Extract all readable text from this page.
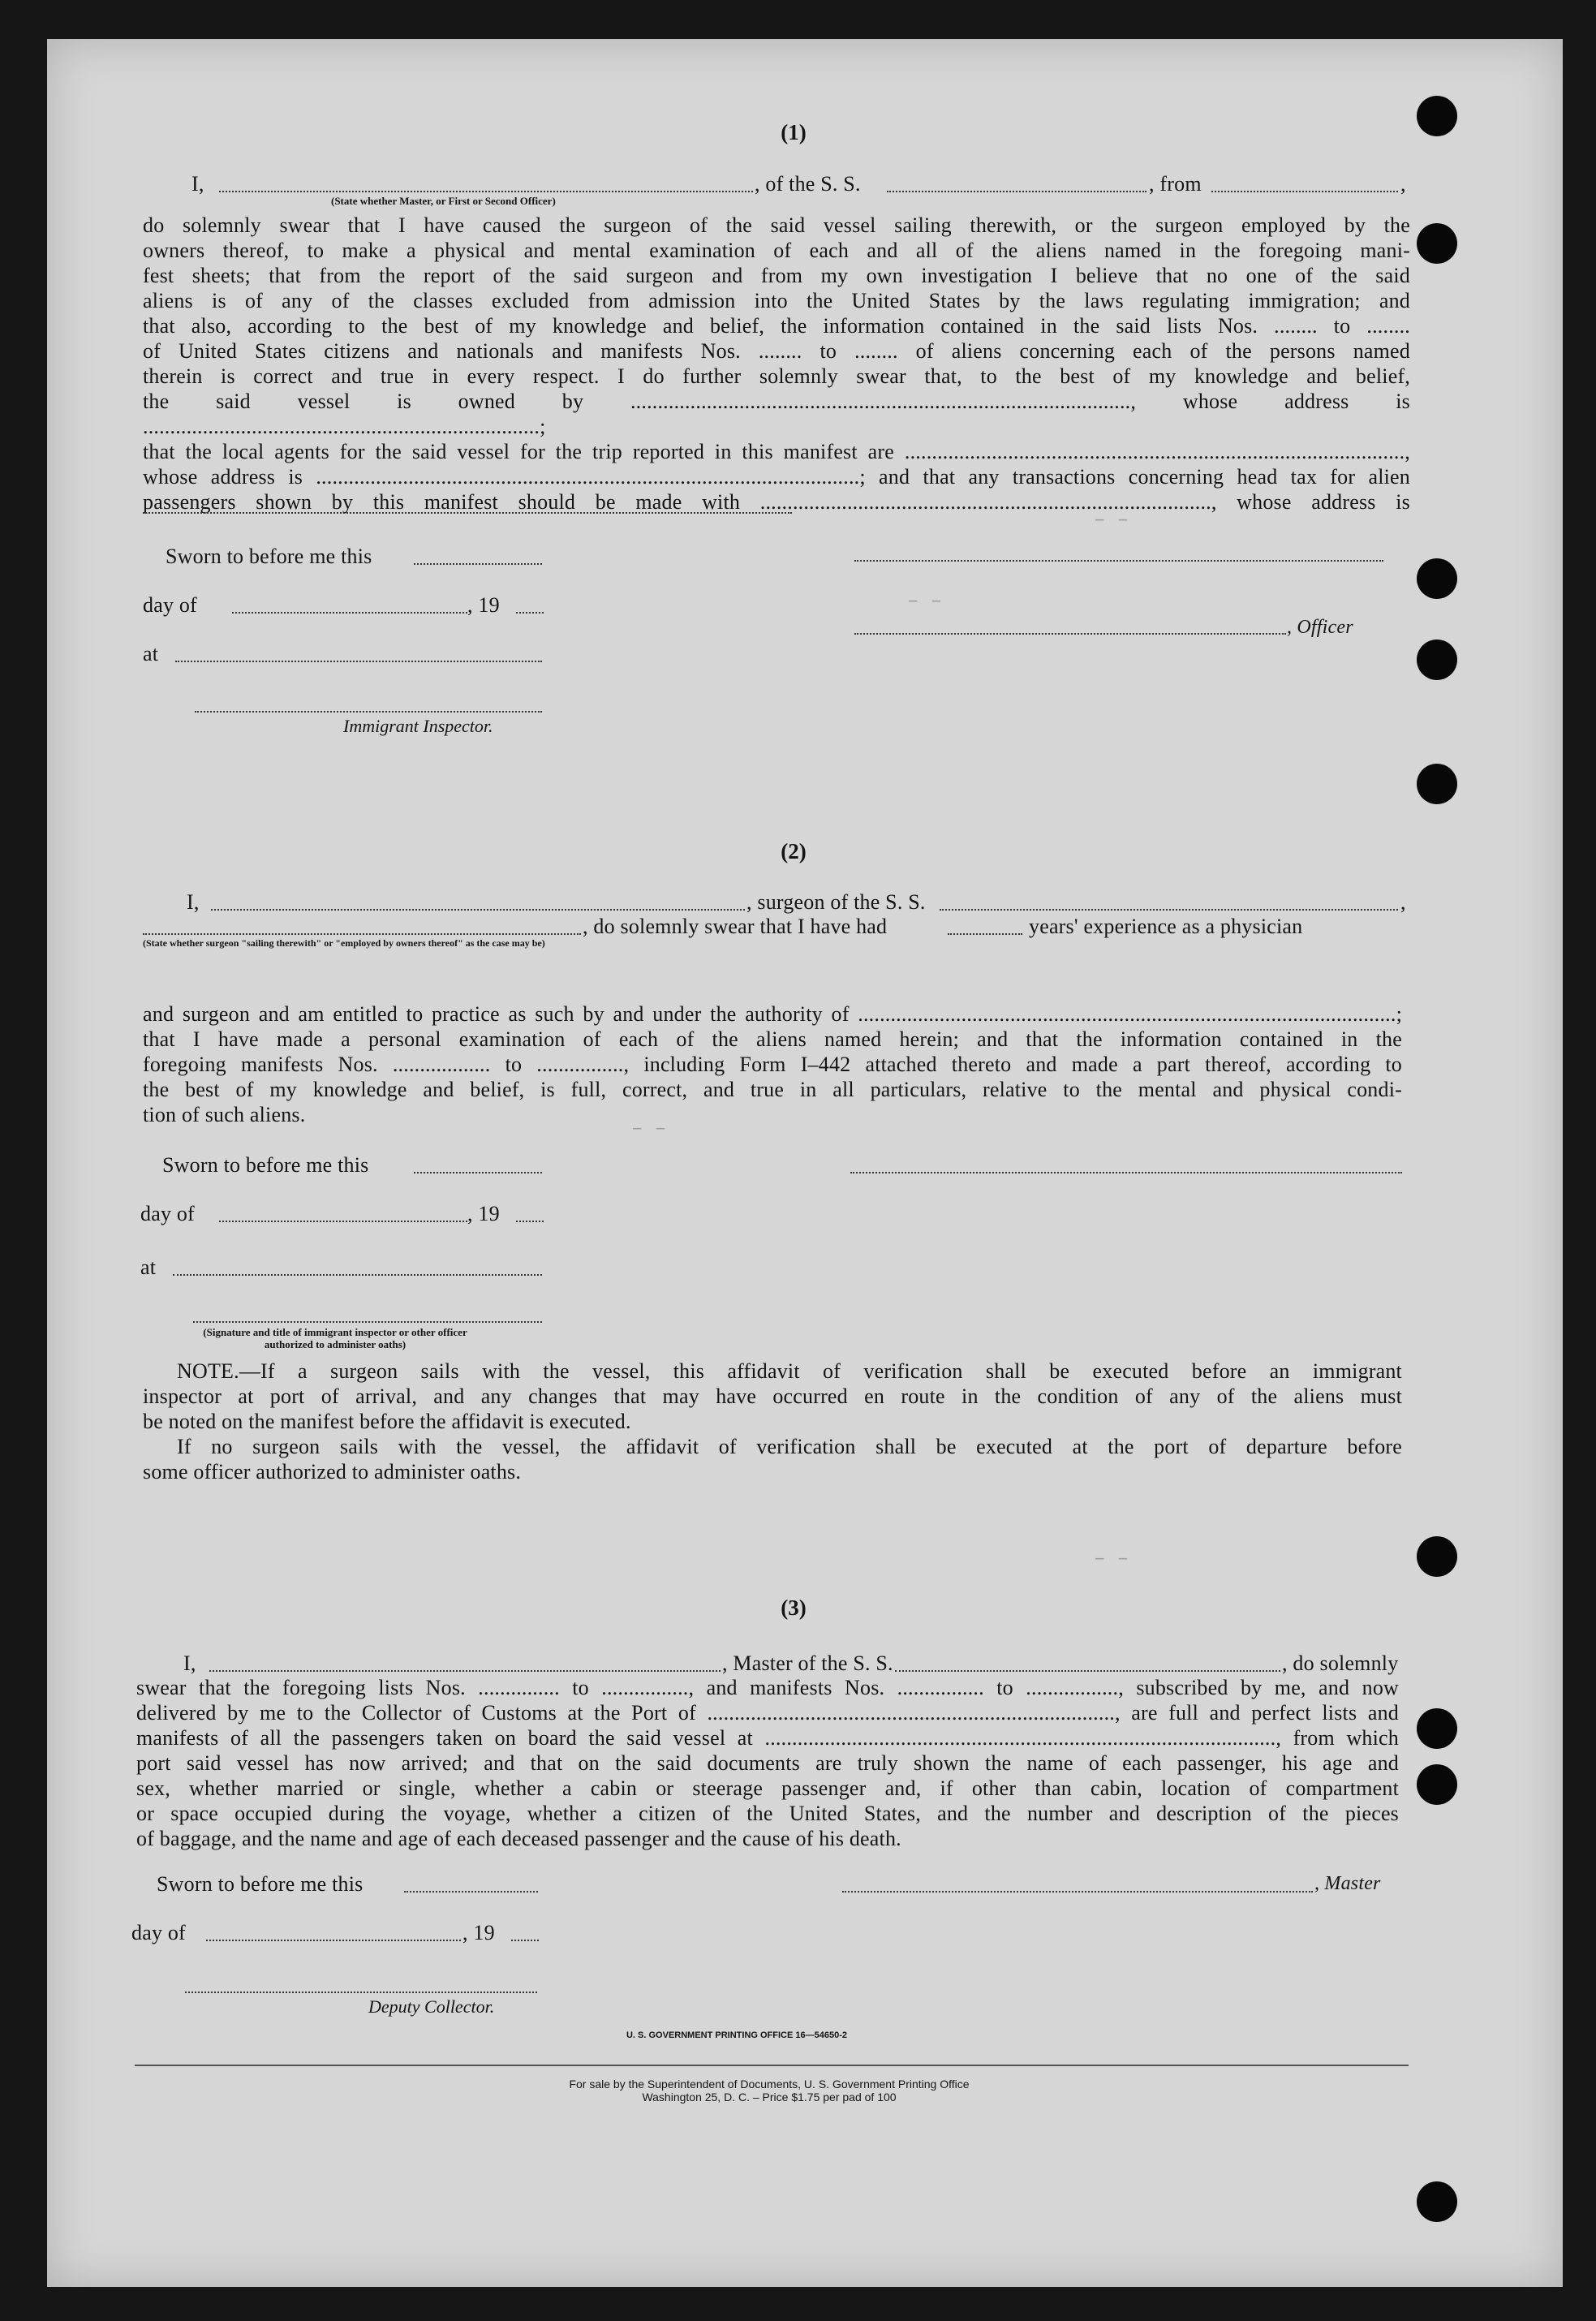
– –
– –
– –
– –
(1)
I,	, of the S. S.	, from	,
(State whether Master, or First or Second Officer)
do solemnly swear that I have caused the surgeon of the said vessel sailing therewith, or the surgeon employed by the
owners thereof, to make a physical and mental examination of each and all of the aliens named in the foregoing mani-
fest sheets; that from the report of the said surgeon and from my own investigation I believe that no one of the said
aliens is of any of the classes excluded from admission into the United States by the laws regulating immigration; and
that also, according to the best of my knowledge and belief, the information contained in the said lists Nos. ........ to ........
of United States citizens and nationals and manifests Nos. ........ to ........ of aliens concerning each of the persons named
therein is correct and true in every respect. I do further solemnly swear that, to the best of my knowledge and belief,
the said vessel is owned by ............................................................................................, whose address is .........................................................................;
that the local agents for the said vessel for the trip reported in this manifest are ............................................................................................,
whose address is ....................................................................................................; and that any transactions concerning head tax for alien
passengers shown by this manifest should be made with ..................................................................................., whose address is
Sworn to before me this
day of	, 19
, Officer
at
Immigrant Inspector.
(2)
I,	, surgeon of the S. S.	,
, do solemnly swear that I have had	years' experience as a physician
(State whether surgeon "sailing therewith" or "employed by owners thereof" as the case may be)
and surgeon and am entitled to practice as such by and under the authority of ...................................................................................................;
that I have made a personal examination of each of the aliens named herein; and that the information contained in the
foregoing manifests Nos. .................. to ................, including Form I–442 attached thereto and made a part thereof, according to
the best of my knowledge and belief, is full, correct, and true in all particulars, relative to the mental and physical condi-
tion of such aliens.
Sworn to before me this
day of	, 19
at
(Signature and title of immigrant inspector or other officer authorized to administer oaths)
NOTE.—If a surgeon sails with the vessel, this affidavit of verification shall be executed before an immigrant
inspector at port of arrival, and any changes that may have occurred en route in the condition of any of the aliens must
be noted on the manifest before the affidavit is executed.
If no surgeon sails with the vessel, the affidavit of verification shall be executed at the port of departure before
some officer authorized to administer oaths.
(3)
I,	, Master of the S. S.	, do solemnly
swear that the foregoing lists Nos. ............... to ................, and manifests Nos. ................ to ................., subscribed by me, and now
delivered by me to the Collector of Customs at the Port of ..........................................................................., are full and perfect lists and
manifests of all the passengers taken on board the said vessel at .............................................................................................., from which
port said vessel has now arrived; and that on the said documents are truly shown the name of each passenger, his age and
sex, whether married or single, whether a cabin or steerage passenger and, if other than cabin, location of compartment
or space occupied during the voyage, whether a citizen of the United States, and the number and description of the pieces
of baggage, and the name and age of each deceased passenger and the cause of his death.
Sworn to before me this	, Master
day of	, 19
Deputy Collector.
U. S. GOVERNMENT PRINTING OFFICE 16—54650-2
For sale by the Superintendent of Documents, U. S. Government Printing Office
Washington 25, D. C. – Price $1.75 per pad of 100
